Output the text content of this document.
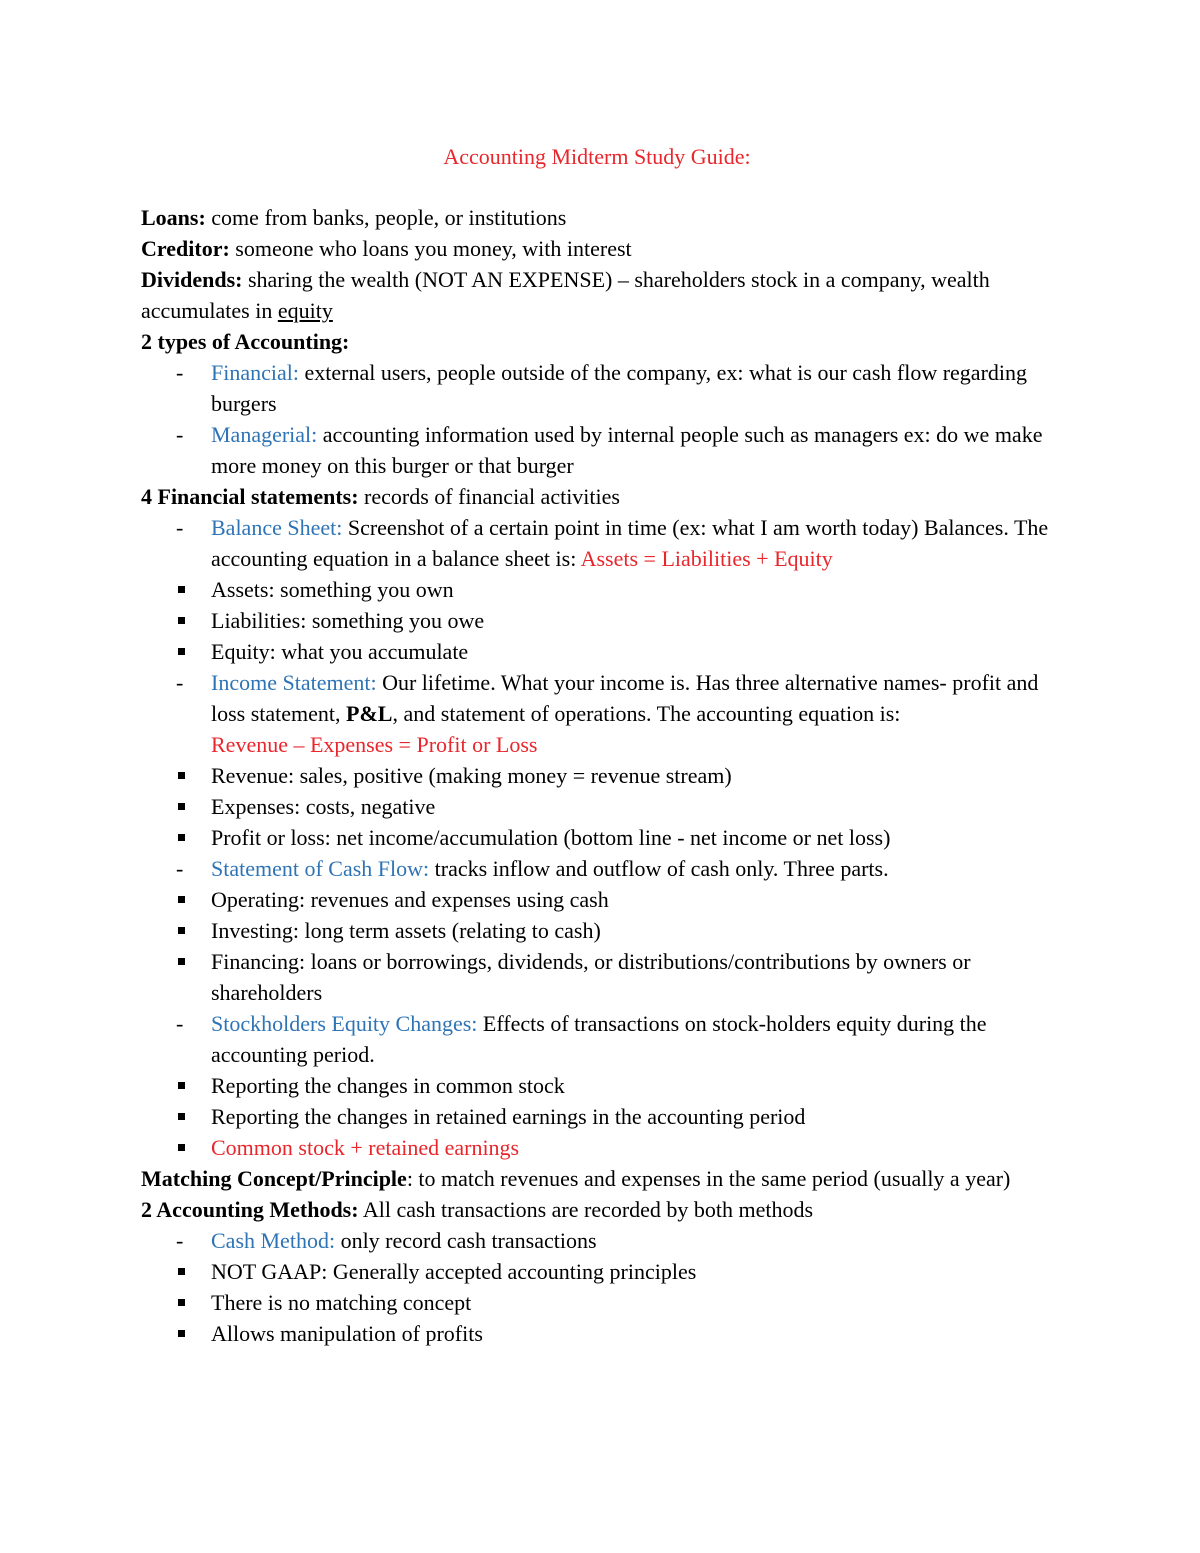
Accounting Midterm Study Guide:

Loans: come from banks, people, or institutions

Creditor: someone who loans you money, with interest

Dividends: sharing the wealth (NOT AN EXPENSE) – shareholders stock in a company, wealth accumulates in equity

2 types of Accounting:

- Financial: external users, people outside of the company, ex: what is our cash flow regarding burgers
- Managerial: accounting information used by internal people such as managers ex: do we make more money on this burger or that burger

4 Financial statements: records of financial activities

- Balance Sheet: Screenshot of a certain point in time (ex: what I am worth today) Balances. The accounting equation in a balance sheet is: Assets = Liabilities + Equity
Assets: something you own
Liabilities: something you owe
Equity: what you accumulate
- Income Statement: Our lifetime. What your income is. Has three alternative names- profit and loss statement, P&L, and statement of operations. The accounting equation is:
Revenue – Expenses = Profit or Loss
Revenue: sales, positive (making money = revenue stream)
Expenses: costs, negative
Profit or loss: net income/accumulation (bottom line - net income or net loss)
- Statement of Cash Flow: tracks inflow and outflow of cash only. Three parts.
Operating: revenues and expenses using cash
Investing: long term assets (relating to cash)
Financing: loans or borrowings, dividends, or distributions/contributions by owners or shareholders
- Stockholders Equity Changes: Effects of transactions on stock-holders equity during the accounting period.
Reporting the changes in common stock
Reporting the changes in retained earnings in the accounting period
Common stock + retained earnings

Matching Concept/Principle: to match revenues and expenses in the same period (usually a year)

2 Accounting Methods: All cash transactions are recorded by both methods

- Cash Method: only record cash transactions
NOT GAAP: Generally accepted accounting principles
There is no matching concept
Allows manipulation of profits
